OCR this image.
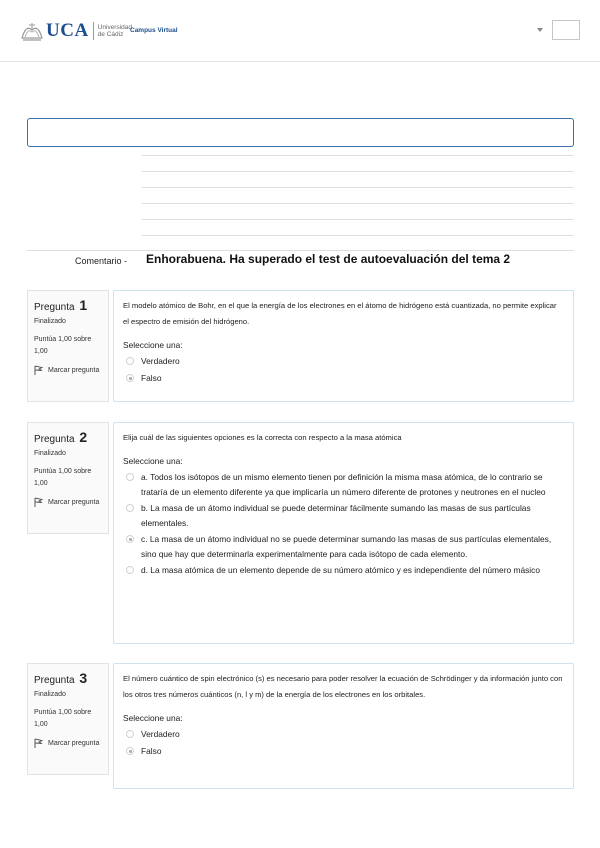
UCA Universidad de Cádiz
Campus Virtual
Comentario - Enhorabuena. Ha superado el test de autoevaluación del tema 2
Pregunta 1
Finalizado
Puntúa 1,00 sobre 1,00
Marcar pregunta
El modelo atómico de Bohr, en el que la energía de los electrones en el átomo de hidrógeno está cuantizada, no permite explicar el espectro de emisión del hidrógeno.
Seleccione una:
Verdadero
Falso
Pregunta 2
Finalizado
Puntúa 1,00 sobre 1,00
Marcar pregunta
Elija cuál de las siguientes opciones es la correcta con respecto a la masa atómica
Seleccione una:
a. Todos los isótopos de un mismo elemento tienen por definición la misma masa atómica, de lo contrario se trataría de un elemento diferente ya que implicaría un número diferente de protones y neutrones en el nucleo
b. La masa de un átomo individual se puede determinar fácilmente sumando las masas de sus partículas elementales.
c. La masa de un átomo individual no se puede determinar sumando las masas de sus partículas elementales, sino que hay que determinarla experimentalmente para cada isótopo de cada elemento.
d. La masa atómica de un elemento depende de su número atómico y es independiente del número másico
Pregunta 3
Finalizado
Puntúa 1,00 sobre 1,00
Marcar pregunta
El número cuántico de spin electrónico (s) es necesario para poder resolver la ecuación de Schrödinger y da información junto con los otros tres números cuánticos (n, l y m) de la energía de los electrones en los orbitales.
Seleccione una:
Verdadero
Falso
